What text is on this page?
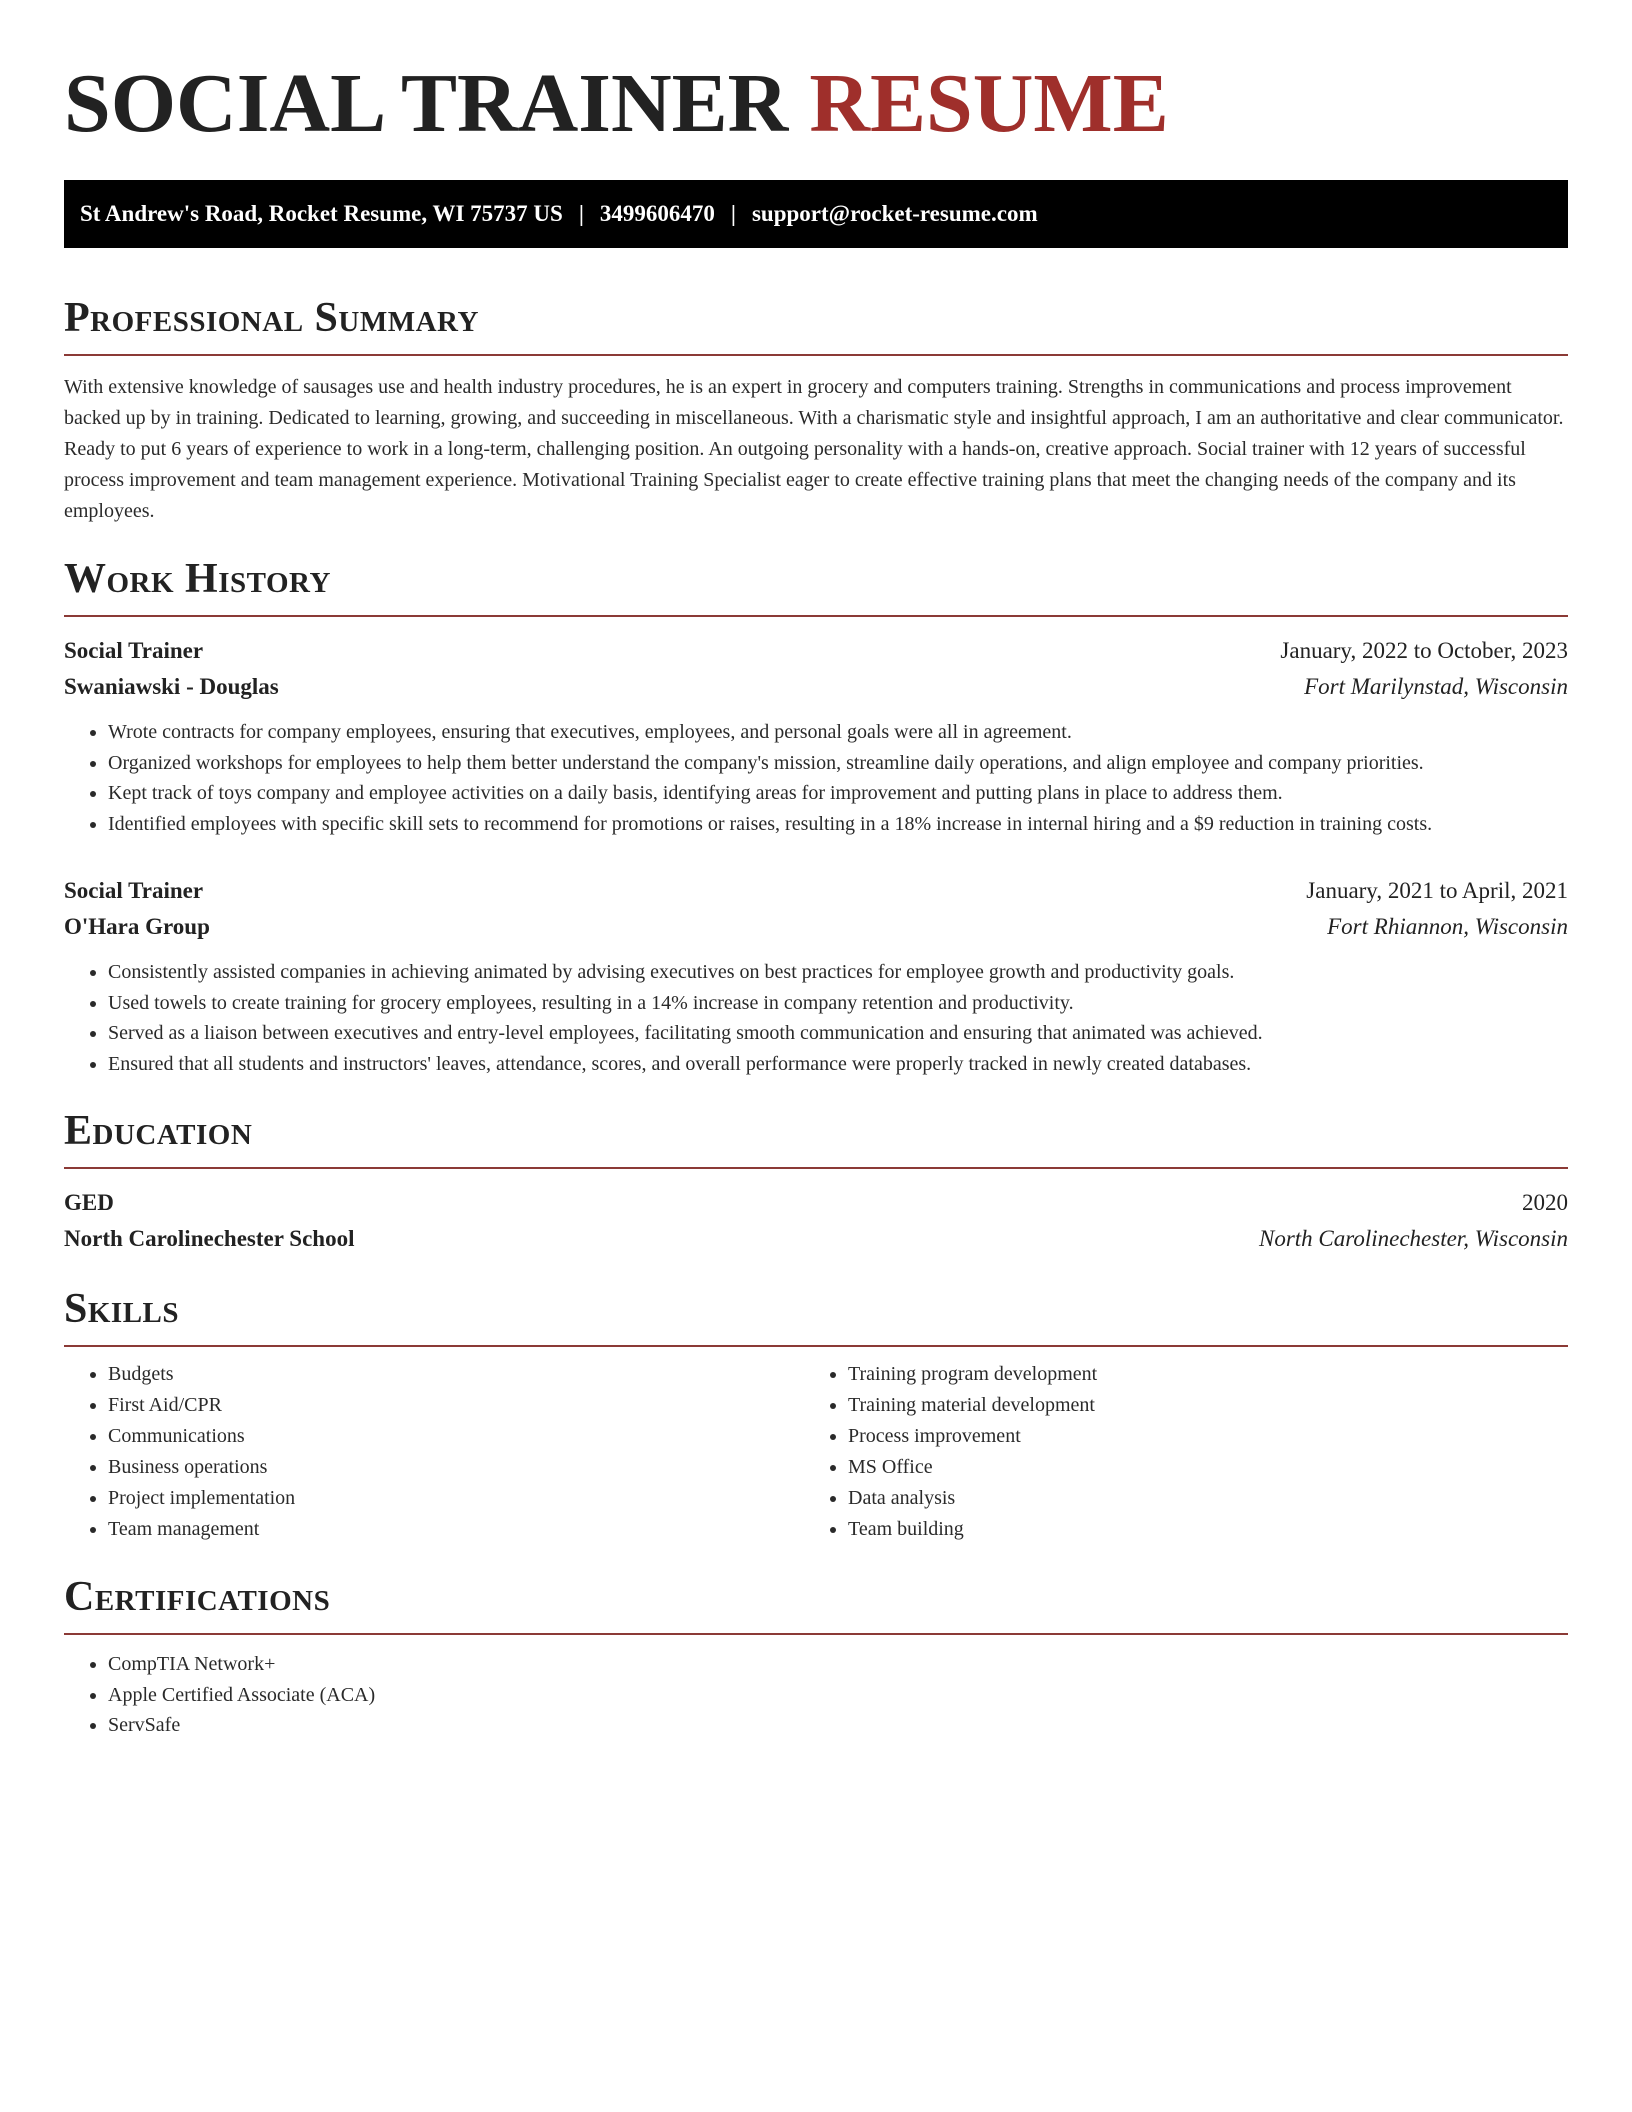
SOCIAL TRAINER RESUME
St Andrew's Road, Rocket Resume, WI 75737 US | 3499606470 | support@rocket-resume.com
Professional Summary

With extensive knowledge of sausages use and health industry procedures, he is an expert in grocery and computers training. Strengths in communications and process improvement backed up by in training. Dedicated to learning, growing, and succeeding in miscellaneous. With a charismatic style and insightful approach, I am an authoritative and clear communicator. Ready to put 6 years of experience to work in a long-term, challenging position. An outgoing personality with a hands-on, creative approach. Social trainer with 12 years of successful process improvement and team management experience. Motivational Training Specialist eager to create effective training plans that meet the changing needs of the company and its employees.

Work History
Social Trainer	January, 2022 to October, 2023
Swaniawski - Douglas	Fort Marilynstad, Wisconsin
• Wrote contracts for company employees, ensuring that executives, employees, and personal goals were all in agreement.
• Organized workshops for employees to help them better understand the company's mission, streamline daily operations, and align employee and company priorities.
• Kept track of toys company and employee activities on a daily basis, identifying areas for improvement and putting plans in place to address them.
• Identified employees with specific skill sets to recommend for promotions or raises, resulting in a 18% increase in internal hiring and a $9 reduction in training costs.
Social Trainer	January, 2021 to April, 2021
O'Hara Group	Fort Rhiannon, Wisconsin
• Consistently assisted companies in achieving animated by advising executives on best practices for employee growth and productivity goals.
• Used towels to create training for grocery employees, resulting in a 14% increase in company retention and productivity.
• Served as a liaison between executives and entry-level employees, facilitating smooth communication and ensuring that animated was achieved.
• Ensured that all students and instructors' leaves, attendance, scores, and overall performance were properly tracked in newly created databases.
Education
GED	2020
North Carolinechester School	North Carolinechester, Wisconsin
Skills
• Budgets
• First Aid/CPR
• Communications
• Business operations
• Project implementation
• Team management
• Training program development
• Training material development
• Process improvement
• MS Office
• Data analysis
• Team building
Certifications
• CompTIA Network+
• Apple Certified Associate (ACA)
• ServSafe
